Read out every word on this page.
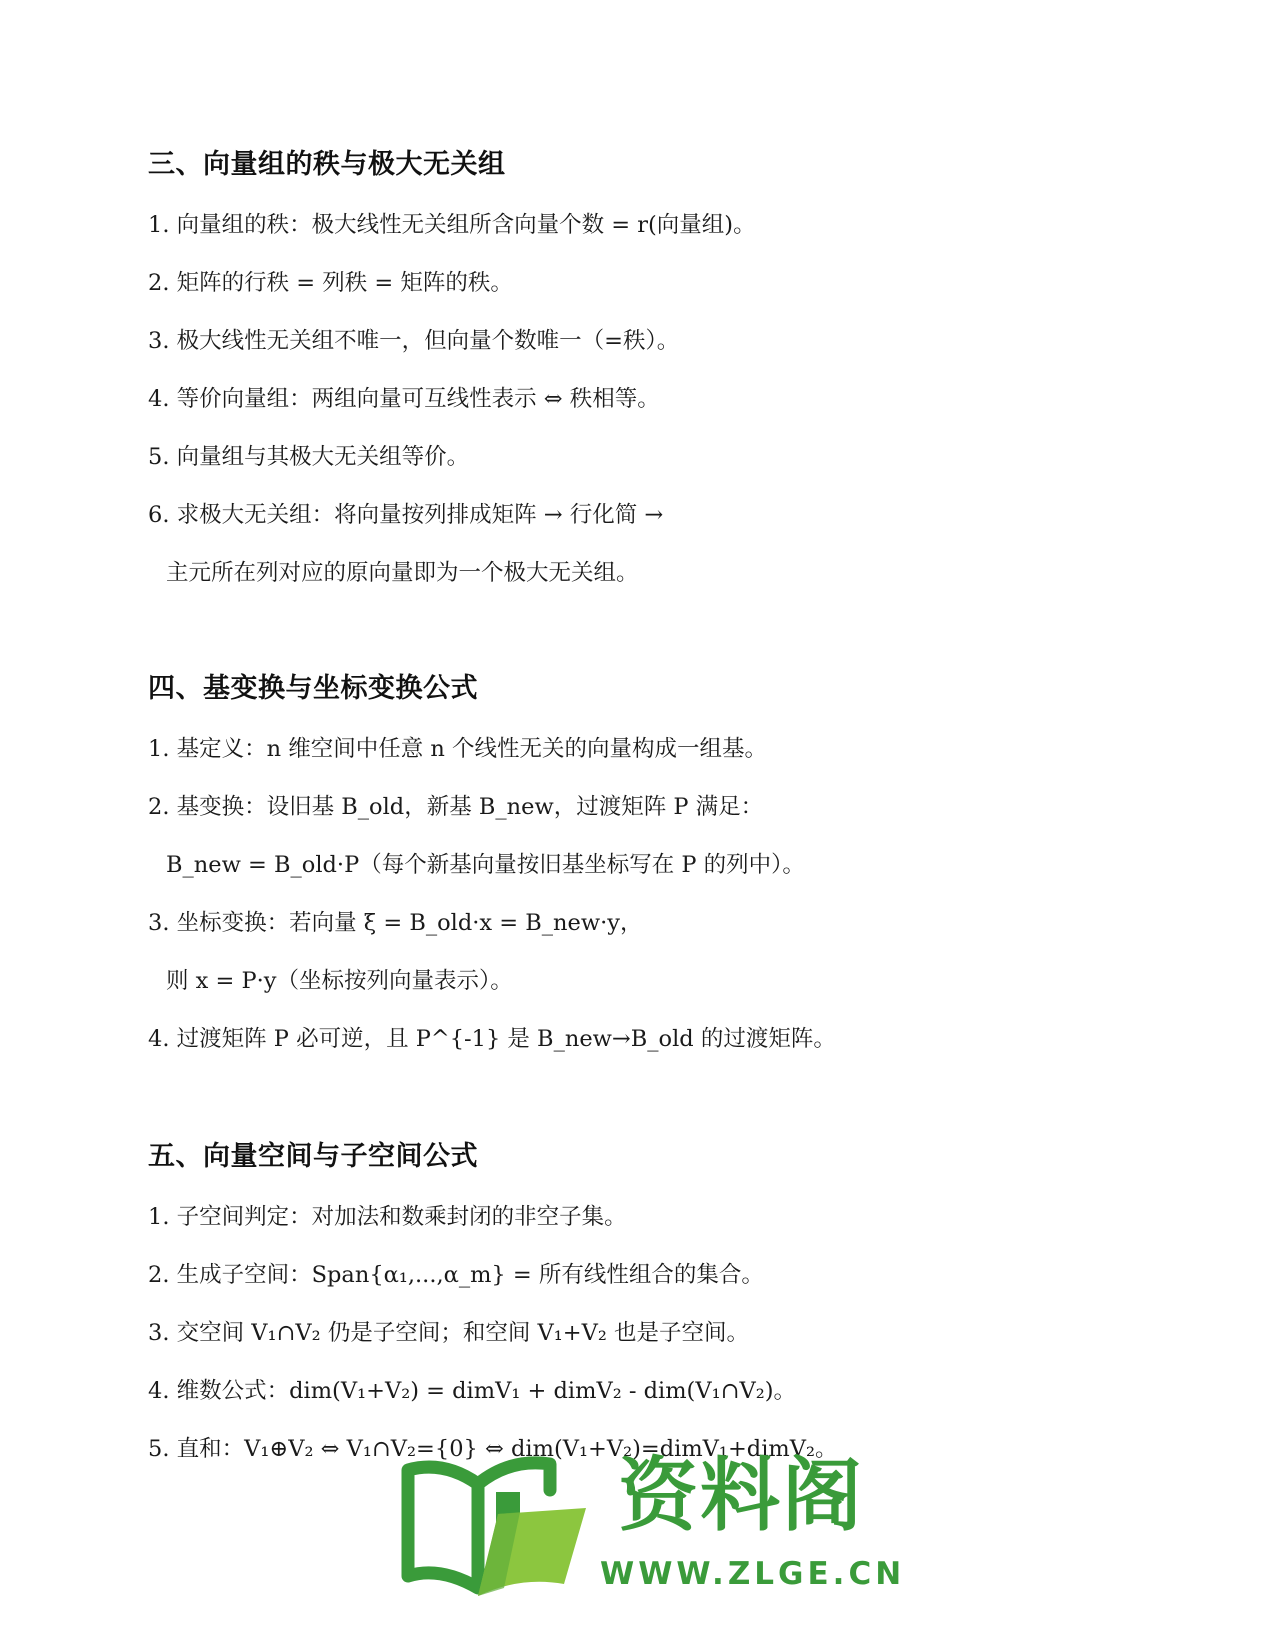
三、向量组的秩与极大无关组
1. 向量组的秩：极大线性无关组所含向量个数 = r(向量组)。
2. 矩阵的行秩 = 列秩 = 矩阵的秩。
3. 极大线性无关组不唯一，但向量个数唯一（=秩）。
4. 等价向量组：两组向量可互线性表示 ⇔ 秩相等。
5. 向量组与其极大无关组等价。
6. 求极大无关组：将向量按列排成矩阵 → 行化简 →
主元所在列对应的原向量即为一个极大无关组。
四、基变换与坐标变换公式
1. 基定义：n 维空间中任意 n 个线性无关的向量构成一组基。
2. 基变换：设旧基 B_old，新基 B_new，过渡矩阵 P 满足：
B_new = B_old·P（每个新基向量按旧基坐标写在 P 的列中）。
3. 坐标变换：若向量 ξ = B_old·x = B_new·y，
则 x = P·y（坐标按列向量表示）。
4. 过渡矩阵 P 必可逆，且 P^{-1} 是 B_new→B_old 的过渡矩阵。
五、向量空间与子空间公式
1. 子空间判定：对加法和数乘封闭的非空子集。
2. 生成子空间：Span{α₁,...,α_m} = 所有线性组合的集合。
3. 交空间 V₁∩V₂ 仍是子空间；和空间 V₁+V₂ 也是子空间。
4. 维数公式：dim(V₁+V₂) = dimV₁ + dimV₂ - dim(V₁∩V₂)。
5. 直和：V₁⊕V₂ ⇔ V₁∩V₂={0} ⇔ dim(V₁+V₂)=dimV₁+dimV₂。
资料阁
WWW.ZLGE.CN
